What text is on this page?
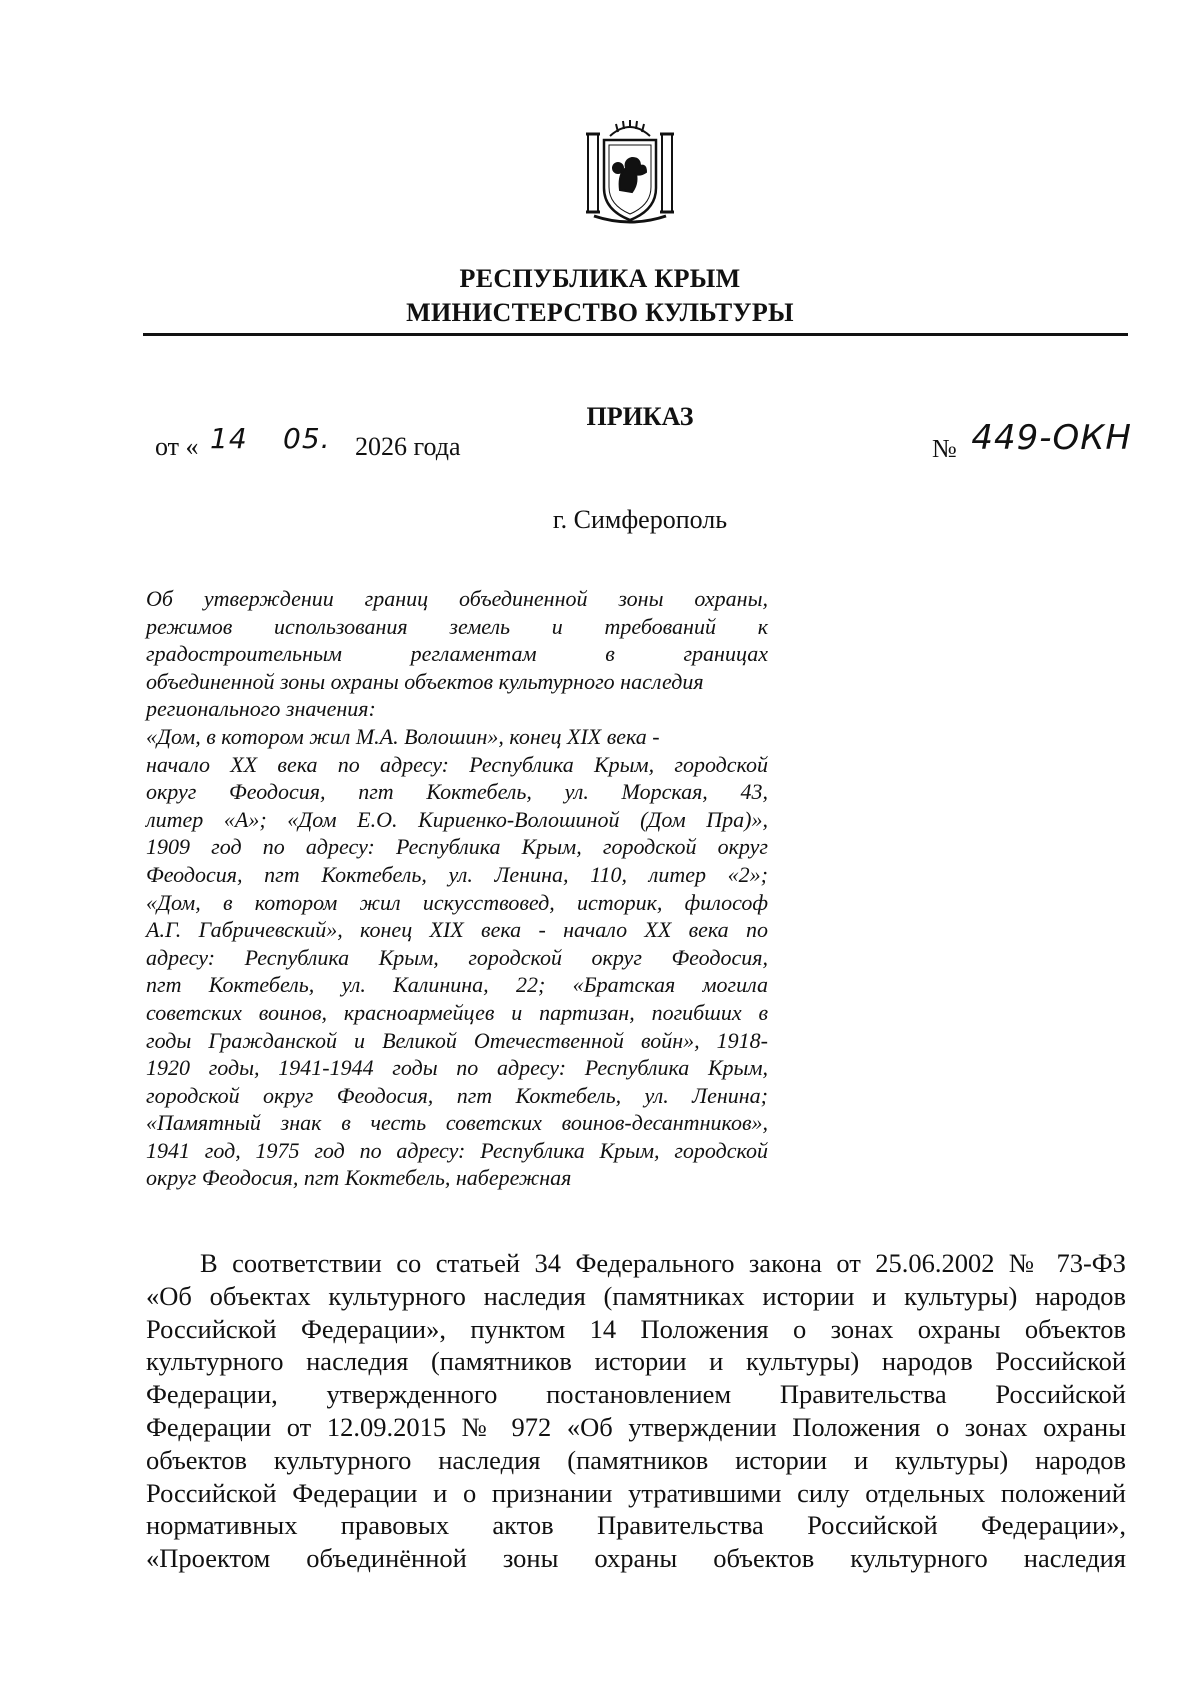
РЕСПУБЛИКА КРЫМ
МИНИСТЕРСТВО КУЛЬТУРЫ
ПРИКАЗ
от « 14 05. 2026 года	№ 449-ОКН
г. Симферополь
Об утверждении границ объединенной зоны охраны,
режимов использования земель и требований к
градостроительным регламентам в границах
объединенной зоны охраны объектов культурного наследия
регионального значения:
«Дом, в котором жил М.А. Волошин», конец XIX века -
начало XX века по адресу: Республика Крым, городской
округ Феодосия, пгт Коктебель, ул. Морская, 43,
литер «А»; «Дом Е.О. Кириенко-Волошиной (Дом Пра)»,
1909 год по адресу: Республика Крым, городской округ
Феодосия, пгт Коктебель, ул. Ленина, 110, литер «2»;
«Дом, в котором жил искусствовед, историк, философ
А.Г. Габричевский», конец XIX века - начало XX века по
адресу: Республика Крым, городской округ Феодосия,
пгт Коктебель, ул. Калинина, 22; «Братская могила
советских воинов, красноармейцев и партизан, погибших в
годы Гражданской и Великой Отечественной войн», 1918-
1920 годы, 1941-1944 годы по адресу: Республика Крым,
городской округ Феодосия, пгт Коктебель, ул. Ленина;
«Памятный знак в честь советских воинов-десантников»,
1941 год, 1975 год по адресу: Республика Крым, городской
округ Феодосия, пгт Коктебель, набережная
В соответствии со статьей 34 Федерального закона от 25.06.2002 № 73-ФЗ
«Об объектах культурного наследия (памятниках истории и культуры) народов
Российской Федерации», пунктом 14 Положения о зонах охраны объектов
культурного наследия (памятников истории и культуры) народов Российской
Федерации, утвержденного постановлением Правительства Российской
Федерации от 12.09.2015 № 972 «Об утверждении Положения о зонах охраны
объектов культурного наследия (памятников истории и культуры) народов
Российской Федерации и о признании утратившими силу отдельных положений
нормативных правовых актов Правительства Российской Федерации»,
«Проектом объединённой зоны охраны объектов культурного наследия
